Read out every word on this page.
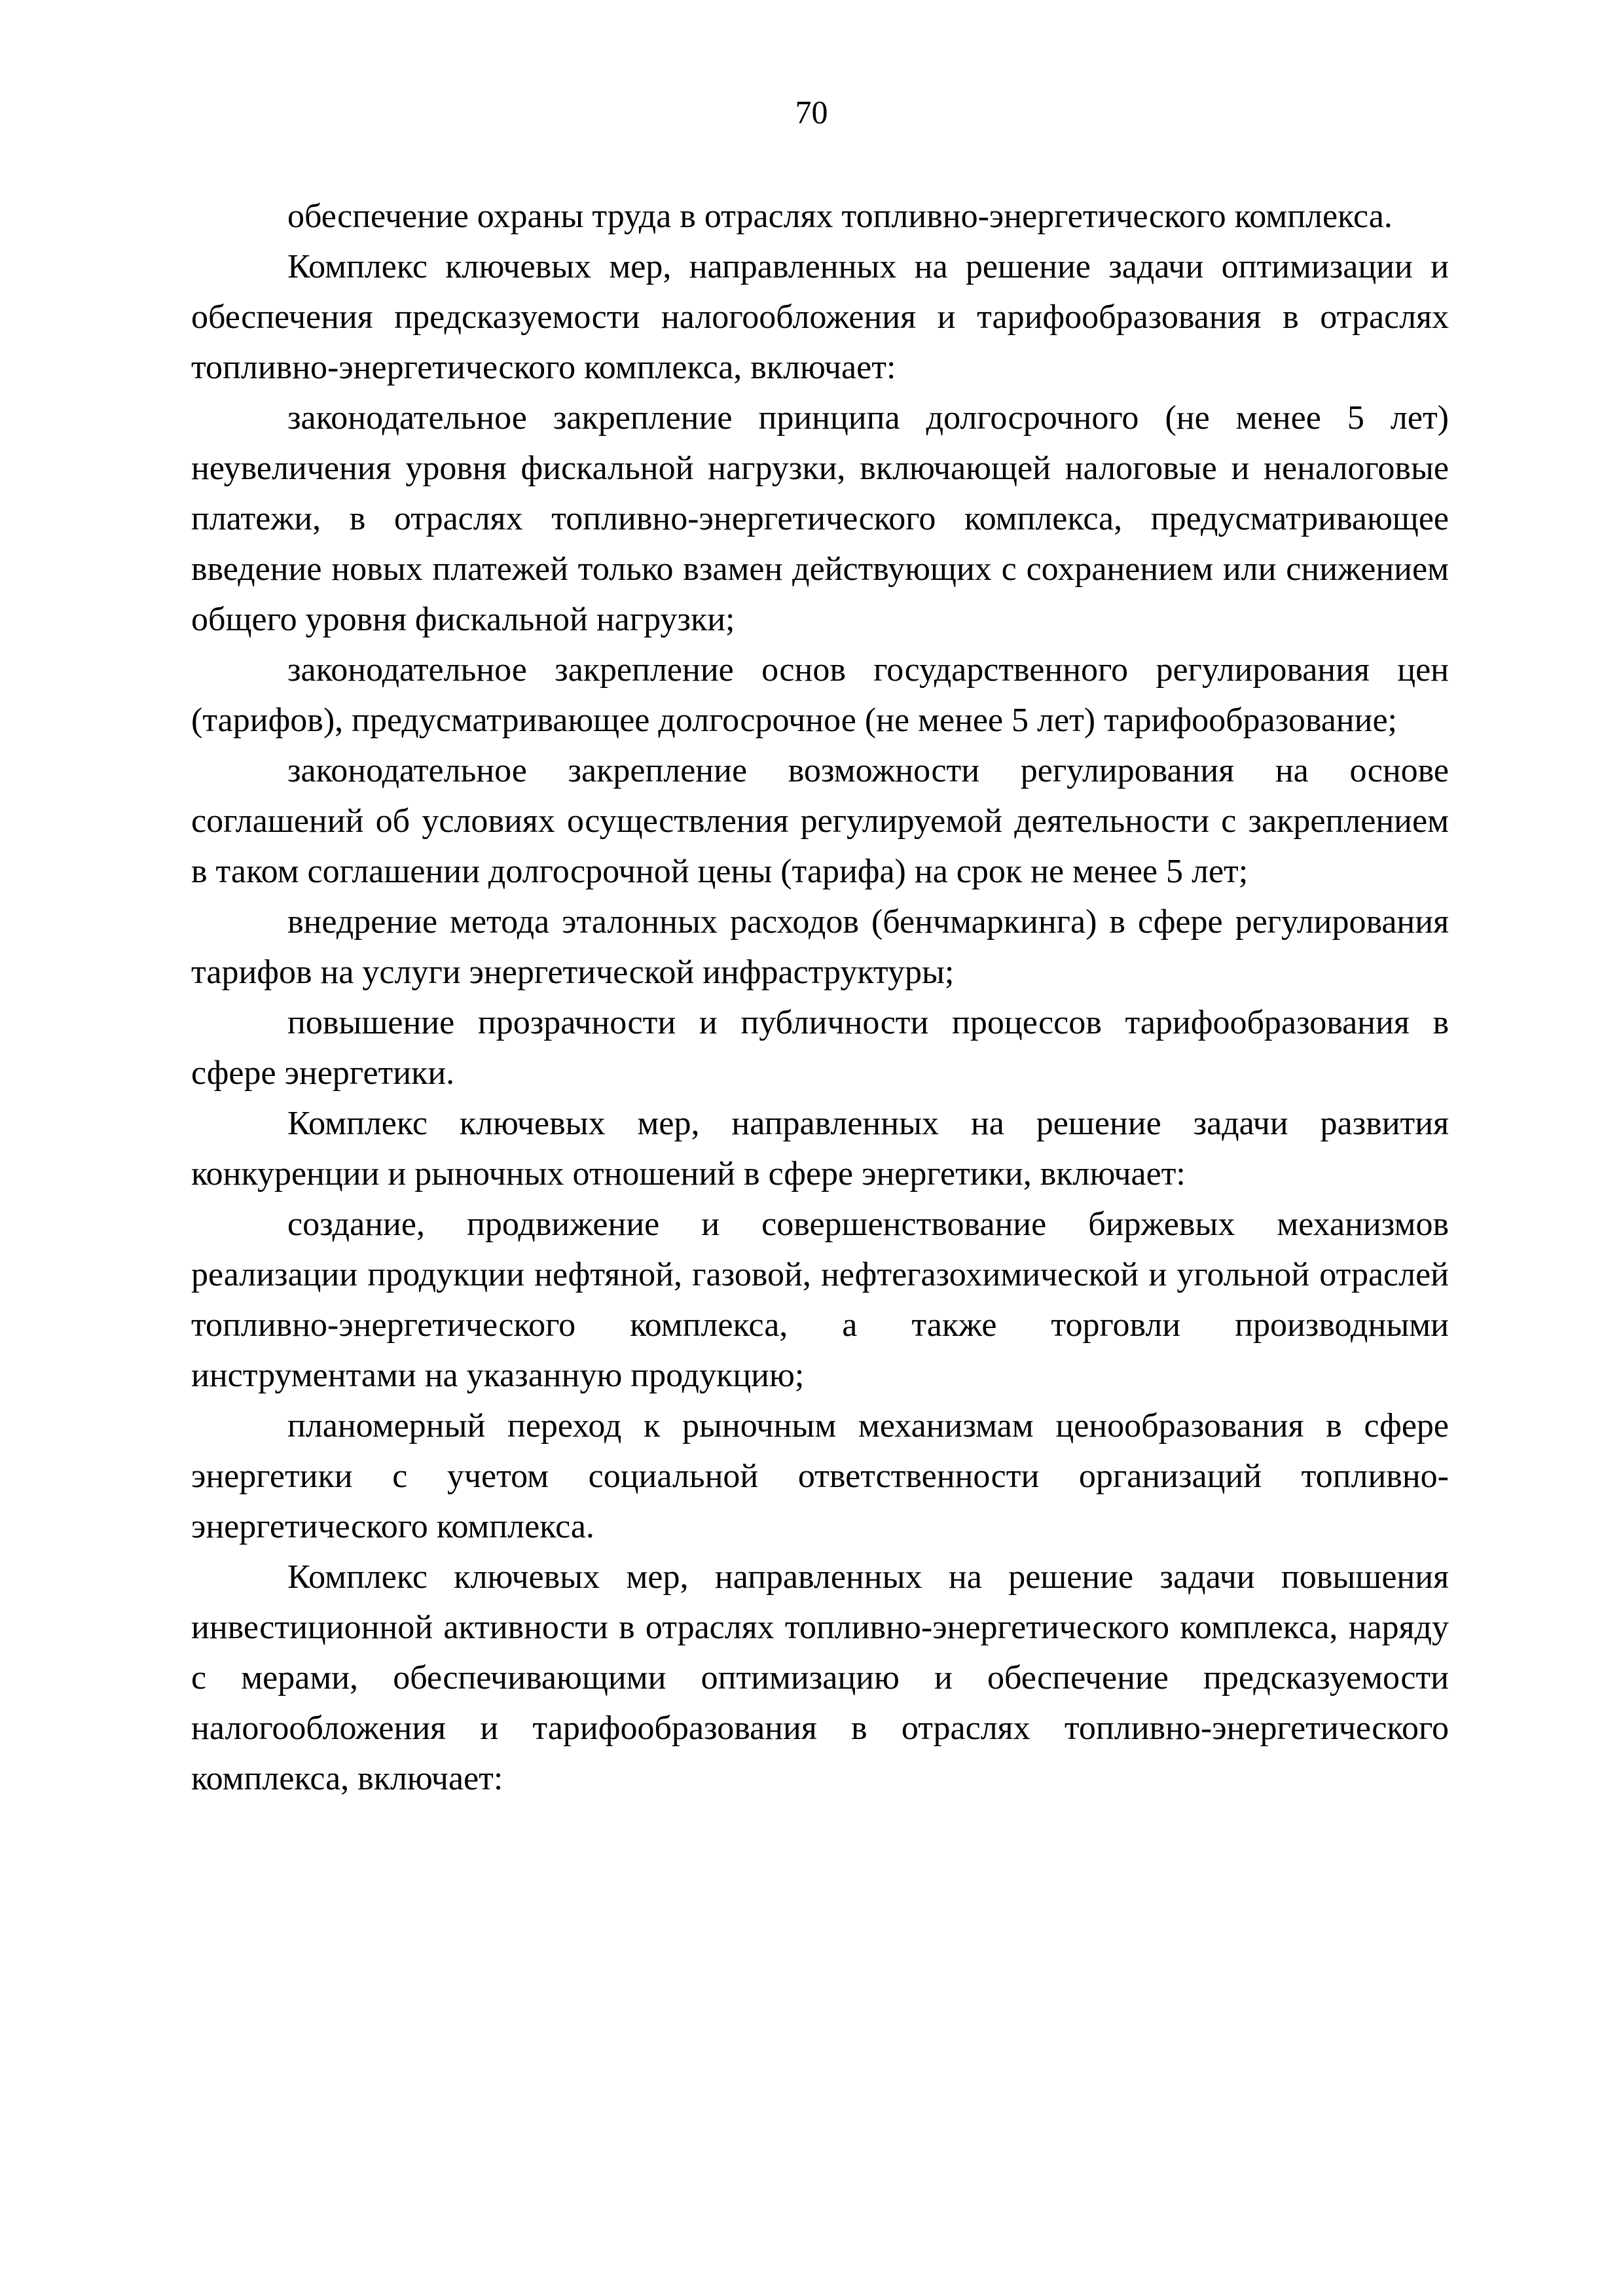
70

обеспечение охраны труда в отраслях топливно-энергетического комплекса.

Комплекс ключевых мер, направленных на решение задачи оптимизации и обеспечения предсказуемости налогообложения и тарифообразования в отраслях топливно-энергетического комплекса, включает:

законодательное закрепление принципа долгосрочного (не менее 5 лет) неувеличения уровня фискальной нагрузки, включающей налоговые и неналоговые платежи, в отраслях топливно-энергетического комплекса, предусматривающее введение новых платежей только взамен действующих с сохранением или снижением общего уровня фискальной нагрузки;

законодательное закрепление основ государственного регулирования цен (тарифов), предусматривающее долгосрочное (не менее 5 лет) тарифообразование;

законодательное закрепление возможности регулирования на основе соглашений об условиях осуществления регулируемой деятельности с закреплением в таком соглашении долгосрочной цены (тарифа) на срок не менее 5 лет;

внедрение метода эталонных расходов (бенчмаркинга) в сфере регулирования тарифов на услуги энергетической инфраструктуры;

повышение прозрачности и публичности процессов тарифообразования в сфере энергетики.

Комплекс ключевых мер, направленных на решение задачи развития конкуренции и рыночных отношений в сфере энергетики, включает:

создание, продвижение и совершенствование биржевых механизмов реализации продукции нефтяной, газовой, нефтегазохимической и угольной отраслей топливно-энергетического комплекса, а также торговли производными инструментами на указанную продукцию;

планомерный переход к рыночным механизмам ценообразования в сфере энергетики с учетом социальной ответственности организаций топливно-энергетического комплекса.

Комплекс ключевых мер, направленных на решение задачи повышения инвестиционной активности в отраслях топливно-энергетического комплекса, наряду с мерами, обеспечивающими оптимизацию и обеспечение предсказуемости налогообложения и тарифообразования в отраслях топливно-энергетического комплекса, включает:
